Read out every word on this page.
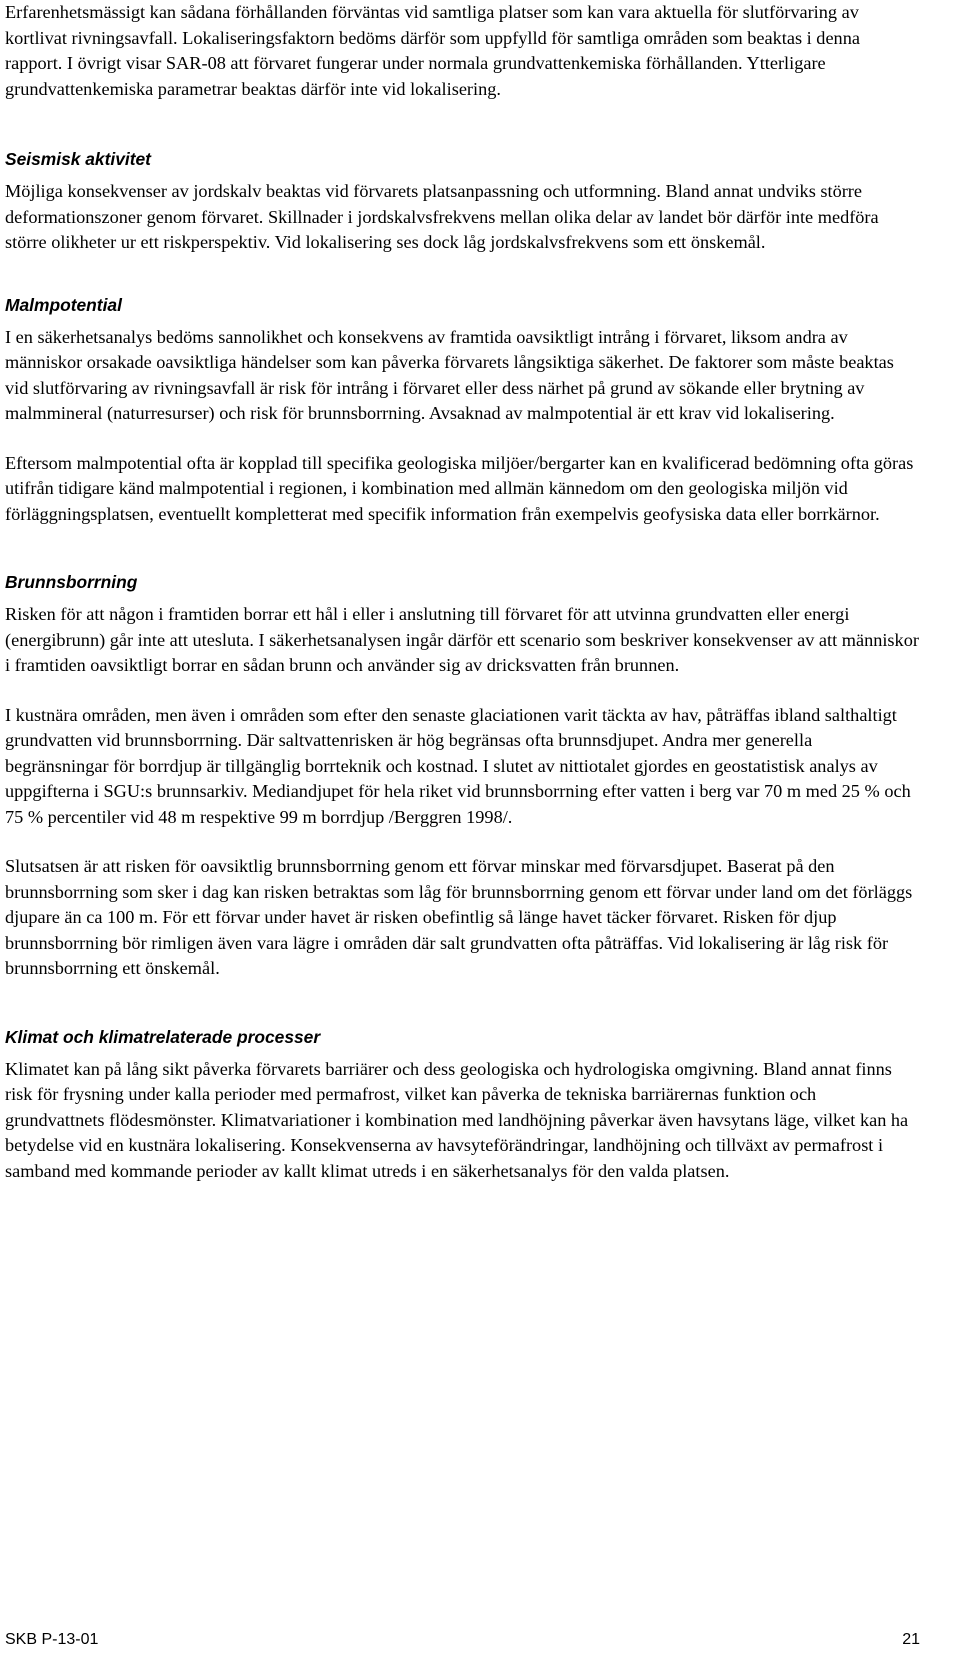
Erfarenhetsmässigt kan sådana förhållanden förväntas vid samtliga platser som kan vara aktuella för slutförvaring av kortlivat rivningsavfall. Lokaliseringsfaktorn bedöms därför som uppfylld för samtliga områden som beaktas i denna rapport. I övrigt visar SAR-08 att förvaret fungerar under normala grundvattenkemiska förhållanden. Ytterligare grundvattenkemiska parametrar beaktas därför inte vid lokalisering.

Seismisk aktivitet

Möjliga konsekvenser av jordskalv beaktas vid förvarets platsanpassning och utformning. Bland annat undviks större deformationszoner genom förvaret. Skillnader i jordskalvsfrekvens mellan olika delar av landet bör därför inte medföra större olikheter ur ett riskperspektiv. Vid lokalisering ses dock låg jordskalvsfrekvens som ett önskemål.

Malmpotential

I en säkerhetsanalys bedöms sannolikhet och konsekvens av framtida oavsiktligt intrång i förvaret, liksom andra av människor orsakade oavsiktliga händelser som kan påverka förvarets långsiktiga säkerhet. De faktorer som måste beaktas vid slutförvaring av rivningsavfall är risk för intrång i förvaret eller dess närhet på grund av sökande eller brytning av malmmineral (naturresurser) och risk för brunnsborrning. Avsaknad av malmpotential är ett krav vid lokalisering.

Eftersom malmpotential ofta är kopplad till specifika geologiska miljöer/bergarter kan en kvalificerad bedömning ofta göras utifrån tidigare känd malmpotential i regionen, i kombination med allmän kännedom om den geologiska miljön vid förläggningsplatsen, eventuellt kompletterat med specifik information från exempelvis geofysiska data eller borrkärnor.

Brunnsborrning

Risken för att någon i framtiden borrar ett hål i eller i anslutning till förvaret för att utvinna grundvatten eller energi (energibrunn) går inte att utesluta. I säkerhetsanalysen ingår därför ett scenario som beskriver konsekvenser av att människor i framtiden oavsiktligt borrar en sådan brunn och använder sig av dricksvatten från brunnen.

I kustnära områden, men även i områden som efter den senaste glaciationen varit täckta av hav, påträffas ibland salthaltigt grundvatten vid brunnsborrning. Där saltvattenrisken är hög begränsas ofta brunnsdjupet. Andra mer generella begränsningar för borrdjup är tillgänglig borrteknik och kostnad. I slutet av nittiotalet gjordes en geostatistisk analys av uppgifterna i SGU:s brunnsarkiv. Mediandjupet för hela riket vid brunnsborrning efter vatten i berg var 70 m med 25 % och 75 % percentiler vid 48 m respektive 99 m borrdjup /Berggren 1998/.

Slutsatsen är att risken för oavsiktlig brunnsborrning genom ett förvar minskar med förvarsdjupet. Baserat på den brunnsborrning som sker i dag kan risken betraktas som låg för brunnsborrning genom ett förvar under land om det förläggs djupare än ca 100 m. För ett förvar under havet är risken obefintlig så länge havet täcker förvaret. Risken för djup brunnsborrning bör rimligen även vara lägre i områden där salt grundvatten ofta påträffas. Vid lokalisering är låg risk för brunnsborrning ett önskemål.

Klimat och klimatrelaterade processer

Klimatet kan på lång sikt påverka förvarets barriärer och dess geologiska och hydrologiska omgivning. Bland annat finns risk för frysning under kalla perioder med permafrost, vilket kan påverka de tekniska barriärernas funktion och grundvattnets flödesmönster. Klimatvariationer i kombination med landhöjning påverkar även havsytans läge, vilket kan ha betydelse vid en kustnära lokalisering. Konsekvenserna av havsyteförändringar, landhöjning och tillväxt av permafrost i samband med kommande perioder av kallt klimat utreds i en säkerhetsanalys för den valda platsen.

SKB P-13-01	21
